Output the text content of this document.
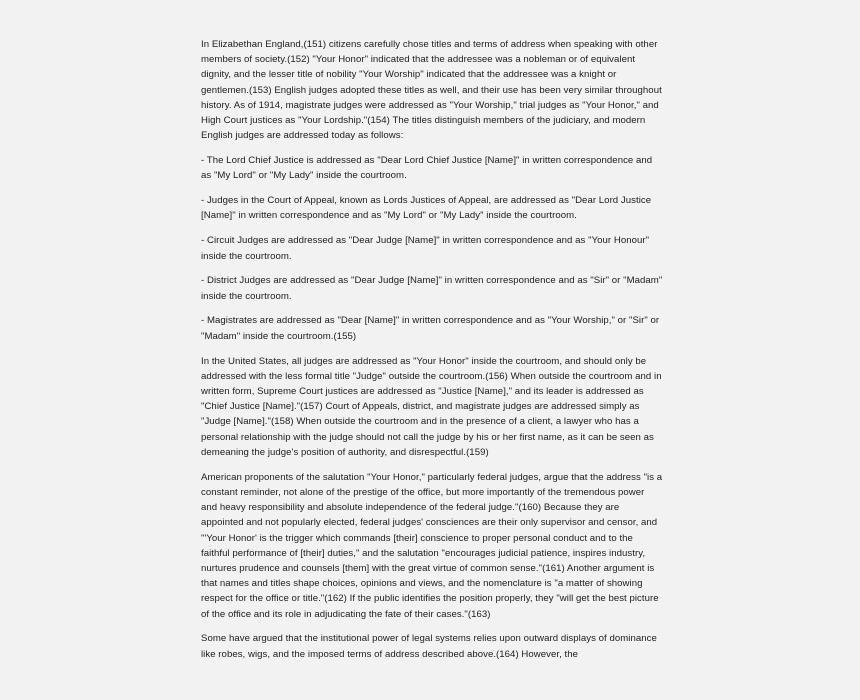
In Elizabethan England,(151) citizens carefully chose titles and terms of address when speaking with other members of society.(152) "Your Honor" indicated that the addressee was a nobleman or of equivalent dignity, and the lesser title of nobility "Your Worship" indicated that the addressee was a knight or gentlemen.(153) English judges adopted these titles as well, and their use has been very similar throughout history. As of 1914, magistrate judges were addressed as "Your Worship," trial judges as "Your Honor," and High Court justices as "Your Lordship."(154) The titles distinguish members of the judiciary, and modern English judges are addressed today as follows:

- The Lord Chief Justice is addressed as "Dear Lord Chief Justice [Name]" in written correspondence and as "My Lord" or "My Lady" inside the courtroom.

- Judges in the Court of Appeal, known as Lords Justices of Appeal, are addressed as "Dear Lord Justice [Name]" in written correspondence and as "My Lord" or "My Lady" inside the courtroom.

- Circuit Judges are addressed as "Dear Judge [Name]" in written correspondence and as "Your Honour" inside the courtroom.

- District Judges are addressed as "Dear Judge [Name]" in written correspondence and as "Sir" or "Madam" inside the courtroom.

- Magistrates are addressed as "Dear [Name]" in written correspondence and as "Your Worship," or "Sir" or "Madam" inside the courtroom.(155)

In the United States, all judges are addressed as "Your Honor" inside the courtroom, and should only be addressed with the less formal title "Judge" outside the courtroom.(156) When outside the courtroom and in written form, Supreme Court justices are addressed as "Justice [Name]," and its leader is addressed as "Chief Justice [Name]."(157) Court of Appeals, district, and magistrate judges are addressed simply as "Judge [Name]."(158) When outside the courtroom and in the presence of a client, a lawyer who has a personal relationship with the judge should not call the judge by his or her first name, as it can be seen as demeaning the judge's position of authority, and disrespectful.(159)

American proponents of the salutation "Your Honor," particularly federal judges, argue that the address "is a constant reminder, not alone of the prestige of the office, but more importantly of the tremendous power and heavy responsibility and absolute independence of the federal judge."(160) Because they are appointed and not popularly elected, federal judges' consciences are their only supervisor and censor, and "'Your Honor' is the trigger which commands [their] conscience to proper personal conduct and to the faithful performance of [their] duties," and the salutation "encourages judicial patience, inspires industry, nurtures prudence and counsels [them] with the great virtue of common sense."(161) Another argument is that names and titles shape choices, opinions and views, and the nomenclature is "a matter of showing respect for the office or title."(162) If the public identifies the position properly, they "will get the best picture of the office and its role in adjudicating the fate of their cases."(163)

Some have argued that the institutional power of legal systems relies upon outward displays of dominance like robes, wigs, and the imposed terms of address described above.(164) However, the
